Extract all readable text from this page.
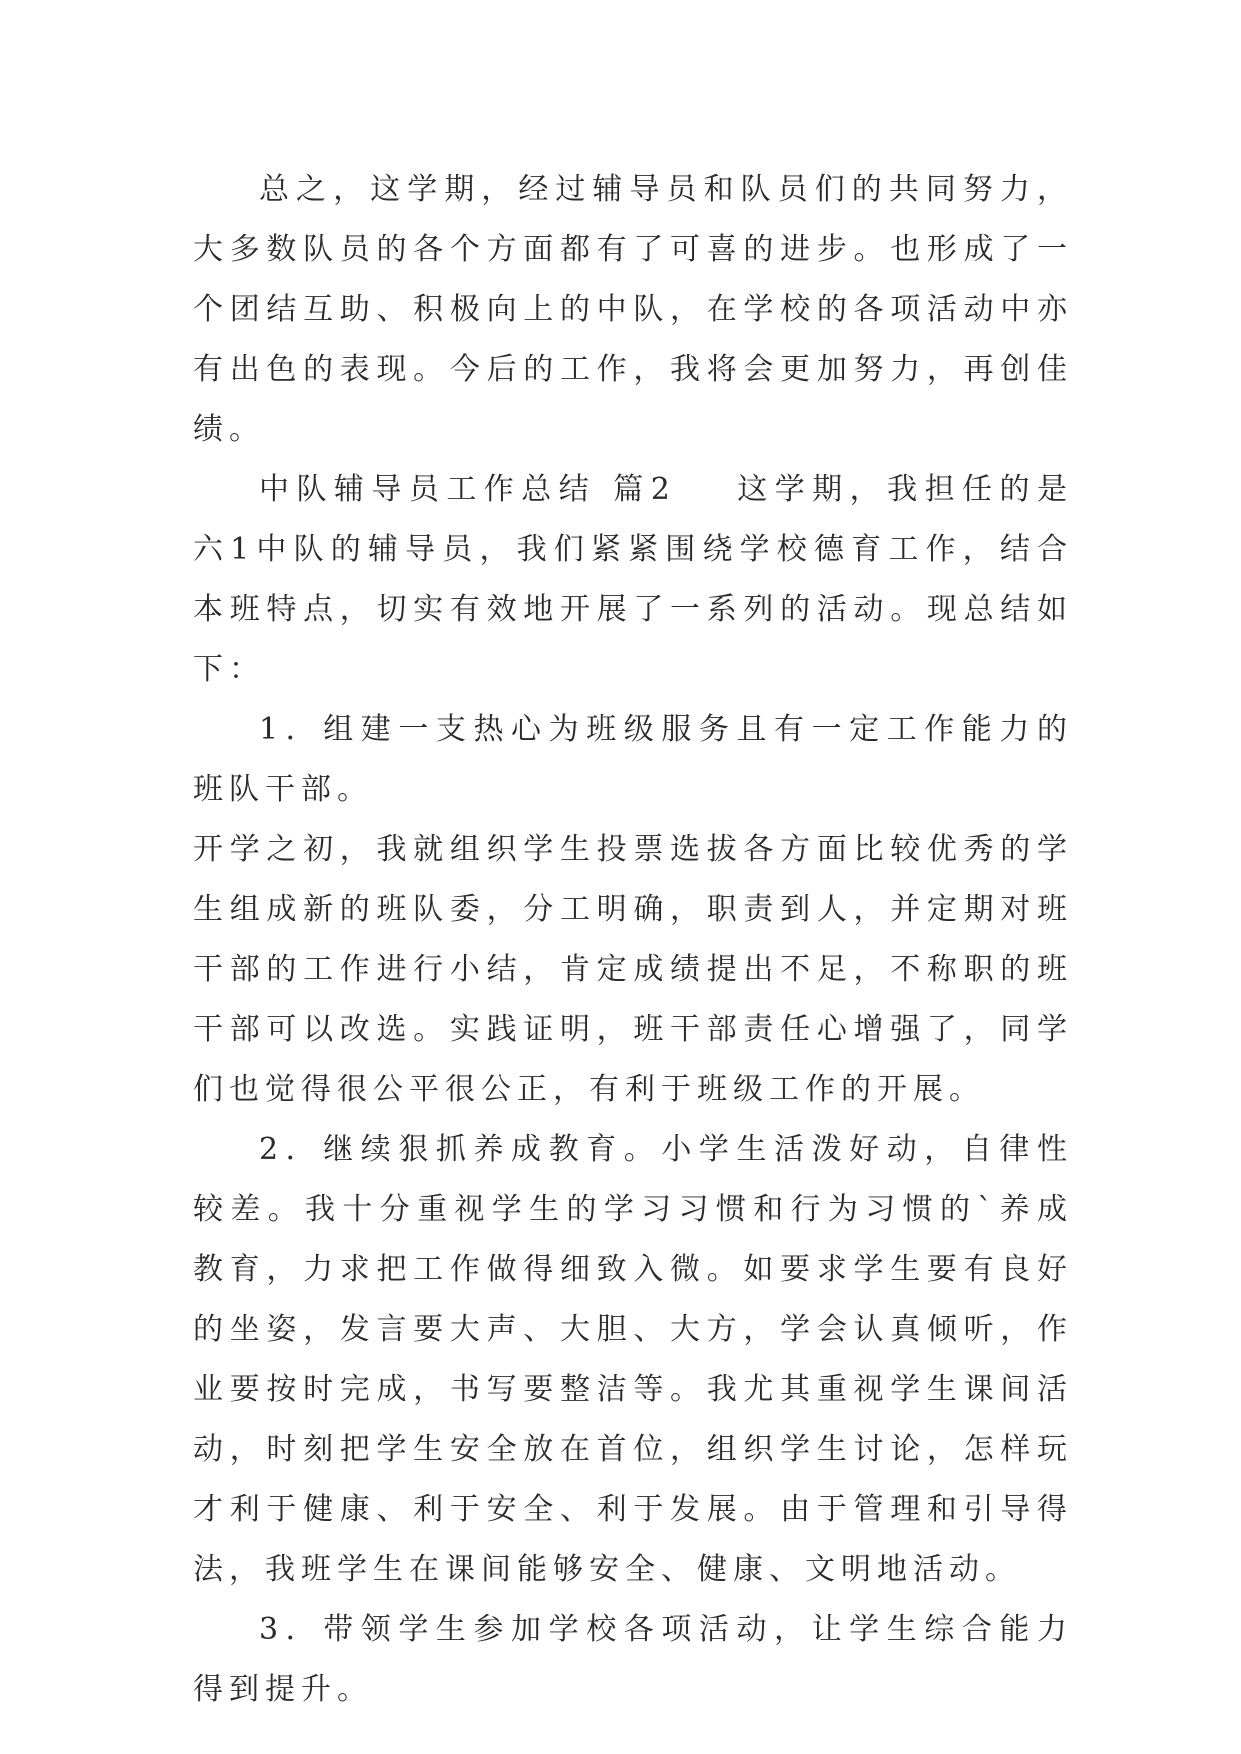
总之，这学期，经过辅导员和队员们的共同努力，大多数队员的各个方面都有了可喜的进步。也形成了一个团结互助、积极向上的中队，在学校的各项活动中亦有出色的表现。今后的工作，我将会更加努力，再创佳绩。

中队辅导员工作总结 篇2 这学期，我担任的是六1中队的辅导员，我们紧紧围绕学校德育工作，结合本班特点，切实有效地开展了一系列的活动。现总结如下：

1．组建一支热心为班级服务且有一定工作能力的班队干部。

开学之初，我就组织学生投票选拔各方面比较优秀的学生组成新的班队委，分工明确，职责到人，并定期对班干部的工作进行小结，肯定成绩提出不足，不称职的班干部可以改选。实践证明，班干部责任心增强了，同学们也觉得很公平很公正，有利于班级工作的开展。

2．继续狠抓养成教育。小学生活泼好动，自律性较差。我十分重视学生的学习习惯和行为习惯的`养成教育，力求把工作做得细致入微。如要求学生要有良好的坐姿，发言要大声、大胆、大方，学会认真倾听，作业要按时完成，书写要整洁等。我尤其重视学生课间活动，时刻把学生安全放在首位，组织学生讨论，怎样玩才利于健康、利于安全、利于发展。由于管理和引导得法，我班学生在课间能够安全、健康、文明地活动。

3．带领学生参加学校各项活动，让学生综合能力得到提升。
